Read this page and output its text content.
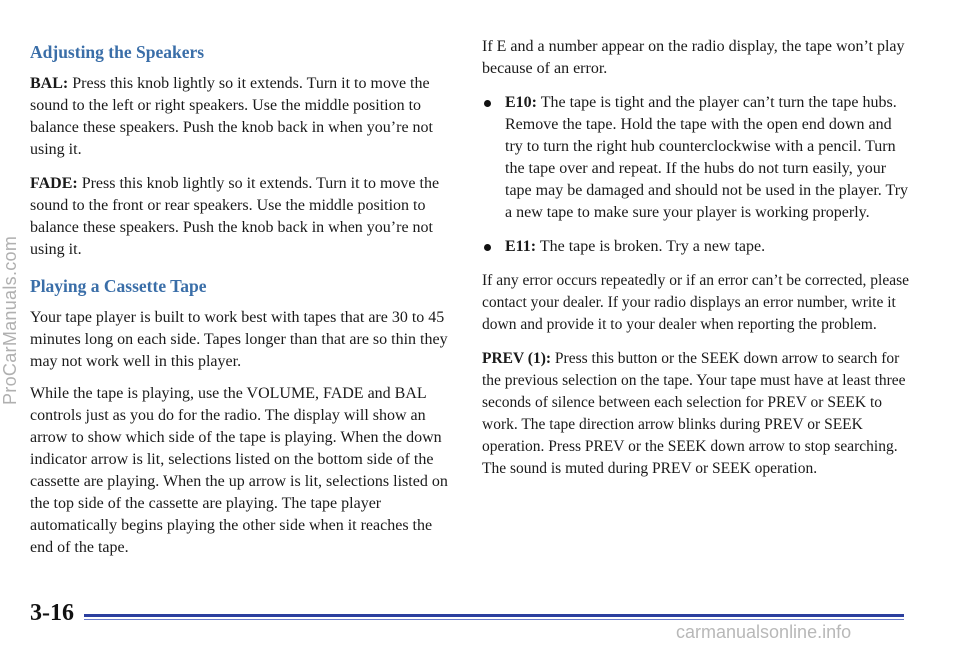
Adjusting the Speakers

BAL: Press this knob lightly so it extends. Turn it to move the sound to the left or right speakers. Use the middle position to balance these speakers. Push the knob back in when you’re not using it.

FADE: Press this knob lightly so it extends. Turn it to move the sound to the front or rear speakers. Use the middle position to balance these speakers. Push the knob back in when you’re not using it.

Playing a Cassette Tape

Your tape player is built to work best with tapes that are 30 to 45 minutes long on each side. Tapes longer than that are so thin they may not work well in this player.

While the tape is playing, use the VOLUME, FADE and BAL controls just as you do for the radio. The display will show an arrow to show which side of the tape is playing. When the down indicator arrow is lit, selections listed on the bottom side of the cassette are playing. When the up arrow is lit, selections listed on the top side of the cassette are playing. The tape player automatically begins playing the other side when it reaches the end of the tape.

If E and a number appear on the radio display, the tape won’t play because of an error.

E10: The tape is tight and the player can’t turn the tape hubs. Remove the tape. Hold the tape with the open end down and try to turn the right hub counterclockwise with a pencil. Turn the tape over and repeat. If the hubs do not turn easily, your tape may be damaged and should not be used in the player. Try a new tape to make sure your player is working properly.

E11: The tape is broken. Try a new tape.

If any error occurs repeatedly or if an error can’t be corrected, please contact your dealer. If your radio displays an error number, write it down and provide it to your dealer when reporting the problem.

PREV (1): Press this button or the SEEK down arrow to search for the previous selection on the tape. Your tape must have at least three seconds of silence between each selection for PREV or SEEK to work. The tape direction arrow blinks during PREV or SEEK operation. Press PREV or the SEEK down arrow to stop searching. The sound is muted during PREV or SEEK operation.

3-16
ProCarManuals.com
carmanualsonline.info
